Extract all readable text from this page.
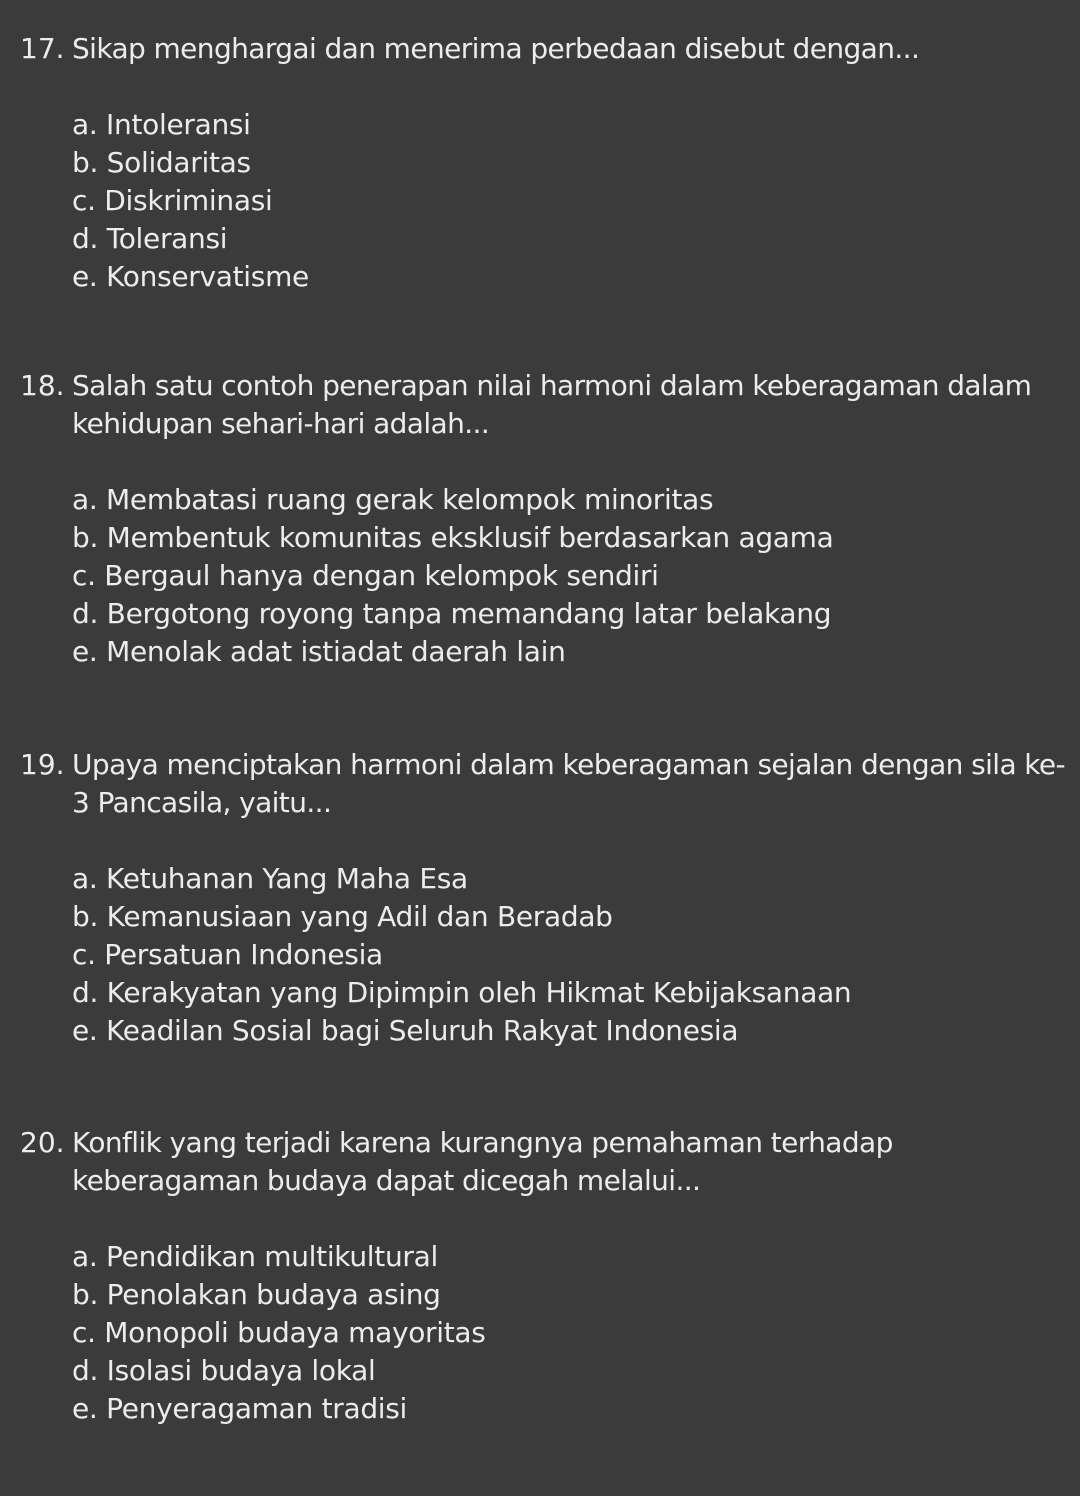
17. Sikap menghargai dan menerima perbedaan disebut dengan...

a. Intoleransi
b. Solidaritas
c. Diskriminasi
d. Toleransi
e. Konservatisme

18. Salah satu contoh penerapan nilai harmoni dalam keberagaman dalam kehidupan sehari-hari adalah...

a. Membatasi ruang gerak kelompok minoritas
b. Membentuk komunitas eksklusif berdasarkan agama
c. Bergaul hanya dengan kelompok sendiri
d. Bergotong royong tanpa memandang latar belakang
e. Menolak adat istiadat daerah lain

19. Upaya menciptakan harmoni dalam keberagaman sejalan dengan sila ke-3 Pancasila, yaitu...

a. Ketuhanan Yang Maha Esa
b. Kemanusiaan yang Adil dan Beradab
c. Persatuan Indonesia
d. Kerakyatan yang Dipimpin oleh Hikmat Kebijaksanaan
e. Keadilan Sosial bagi Seluruh Rakyat Indonesia

20. Konflik yang terjadi karena kurangnya pemahaman terhadap keberagaman budaya dapat dicegah melalui...

a. Pendidikan multikultural
b. Penolakan budaya asing
c. Monopoli budaya mayoritas
d. Isolasi budaya lokal
e. Penyeragaman tradisi
